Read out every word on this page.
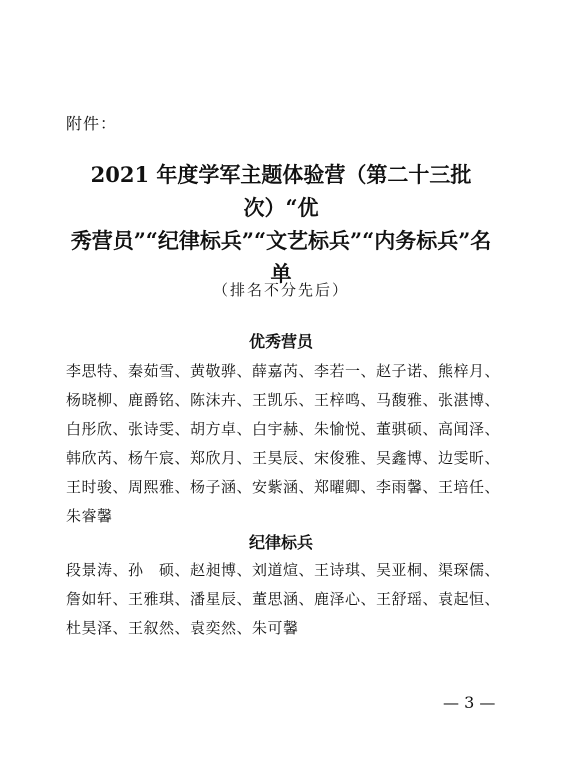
附件：
2021 年度学军主题体验营（第二十三批次）“优
秀营员”“纪律标兵”“文艺标兵”“内务标兵”名
单
（排名不分先后）
优秀营员
李思特、秦茹雪、黄敬骅、薛嘉芮、李若一、赵子诺、熊梓月、
杨晓柳、鹿爵铭、陈沫卉、王凯乐、王梓鸣、马馥雅、张湛博、
白彤欣、张诗雯、胡方卓、白宇赫、朱愉悦、董骐硕、高闻泽、
韩欣芮、杨午宸、郑欣月、王昊辰、宋俊雅、吴鑫博、边雯昕、
王时骏、周熙雅、杨子涵、安紫涵、郑曜卿、李雨馨、王培任、
朱睿馨
纪律标兵
段景涛、孙　硕、赵昶博、刘道煊、王诗琪、吴亚桐、渠琛儒、
詹如轩、王雅琪、潘星辰、董思涵、鹿泽心、王舒瑶、袁起恒、
杜昊泽、王叙然、袁奕然、朱可馨
— 3 —
